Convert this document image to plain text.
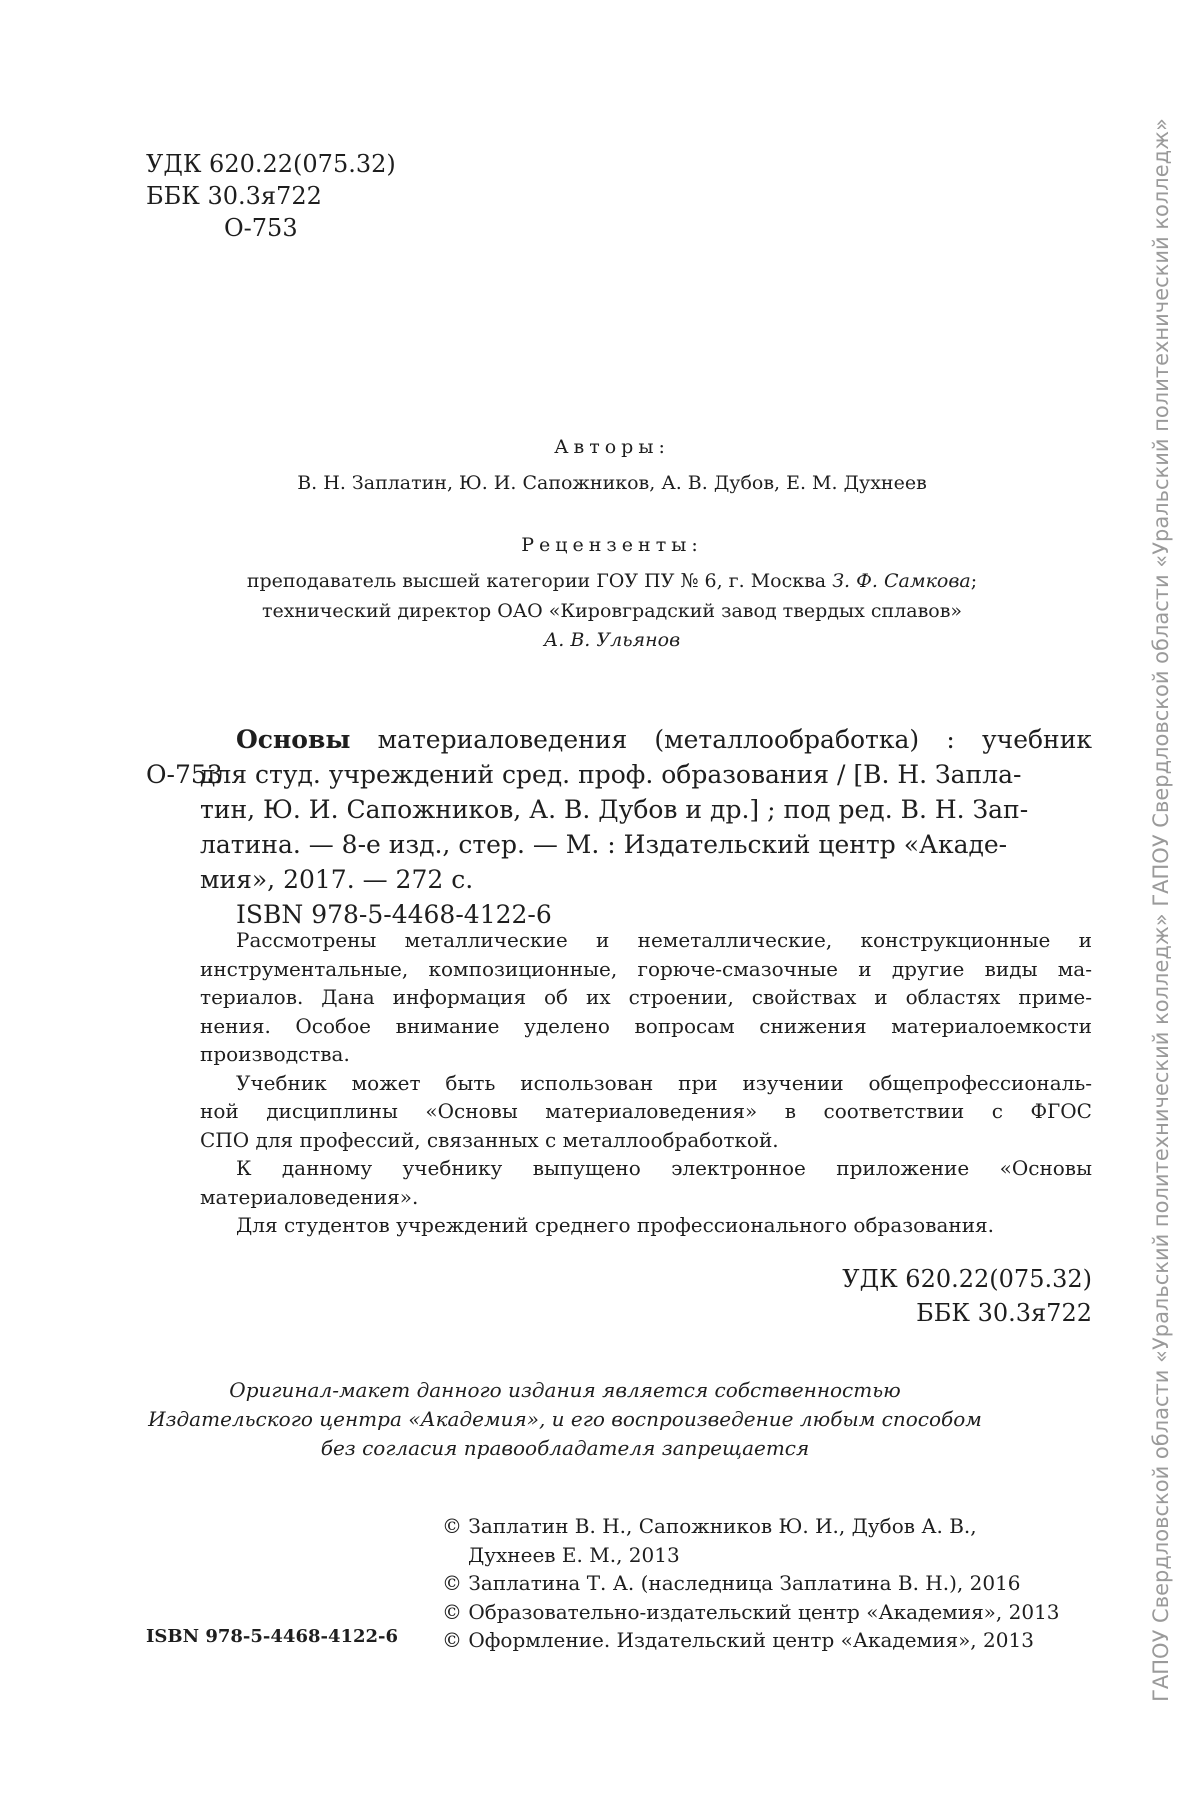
УДК 620.22(075.32)
ББК 30.3я722
О-753
Авторы:
В. Н. Заплатин, Ю. И. Сапожников, А. В. Дубов, Е. М. Духнеев
Рецензенты:
преподаватель высшей категории ГОУ ПУ № 6, г. Москва З. Ф. Самкова;
технический директор ОАО «Кировградский завод твердых сплавов»
А. В. Ульянов
О-753
Основы материаловедения (металлообработка) : учебник
для студ. учреждений сред. проф. образования / [В. Н. Запла-
тин, Ю. И. Сапожников, А. В. Дубов и др.] ; под ред. В. Н. Зап-
латина. — 8-е изд., стер. — М. : Издательский центр «Акаде-
мия», 2017. — 272 с.
ISBN 978-5-4468-4122-6
Рассмотрены металлические и неметаллические, конструкционные и
инструментальные, композиционные, горюче-смазочные и другие виды ма-
териалов. Дана информация об их строении, свойствах и областях приме-
нения. Особое внимание уделено вопросам снижения материалоемкости
производства.
Учебник может быть использован при изучении общепрофессиональ-
ной дисциплины «Основы материаловедения» в соответствии с ФГОС
СПО для профессий, связанных с металлообработкой.
К данному учебнику выпущено электронное приложение «Основы
материаловедения».
Для студентов учреждений среднего профессионального образования.
УДК 620.22(075.32)
ББК 30.3я722
Оригинал-макет данного издания является собственностью
Издательского центра «Академия», и его воспроизведение любым способом
без согласия правообладателя запрещается
© Заплатин В. Н., Сапожников Ю. И., Дубов А. В.,
Духнеев Е. М., 2013
© Заплатина Т. А. (наследница Заплатина В. Н.), 2016
© Образовательно-издательский центр «Академия», 2013
© Оформление. Издательский центр «Академия», 2013
ISBN 978-5-4468-4122-6	ГАПОУ Свердловской области «Уральский политехнический колледж» ГАПОУ Свердловской области «Уральский политехнический колледж»
